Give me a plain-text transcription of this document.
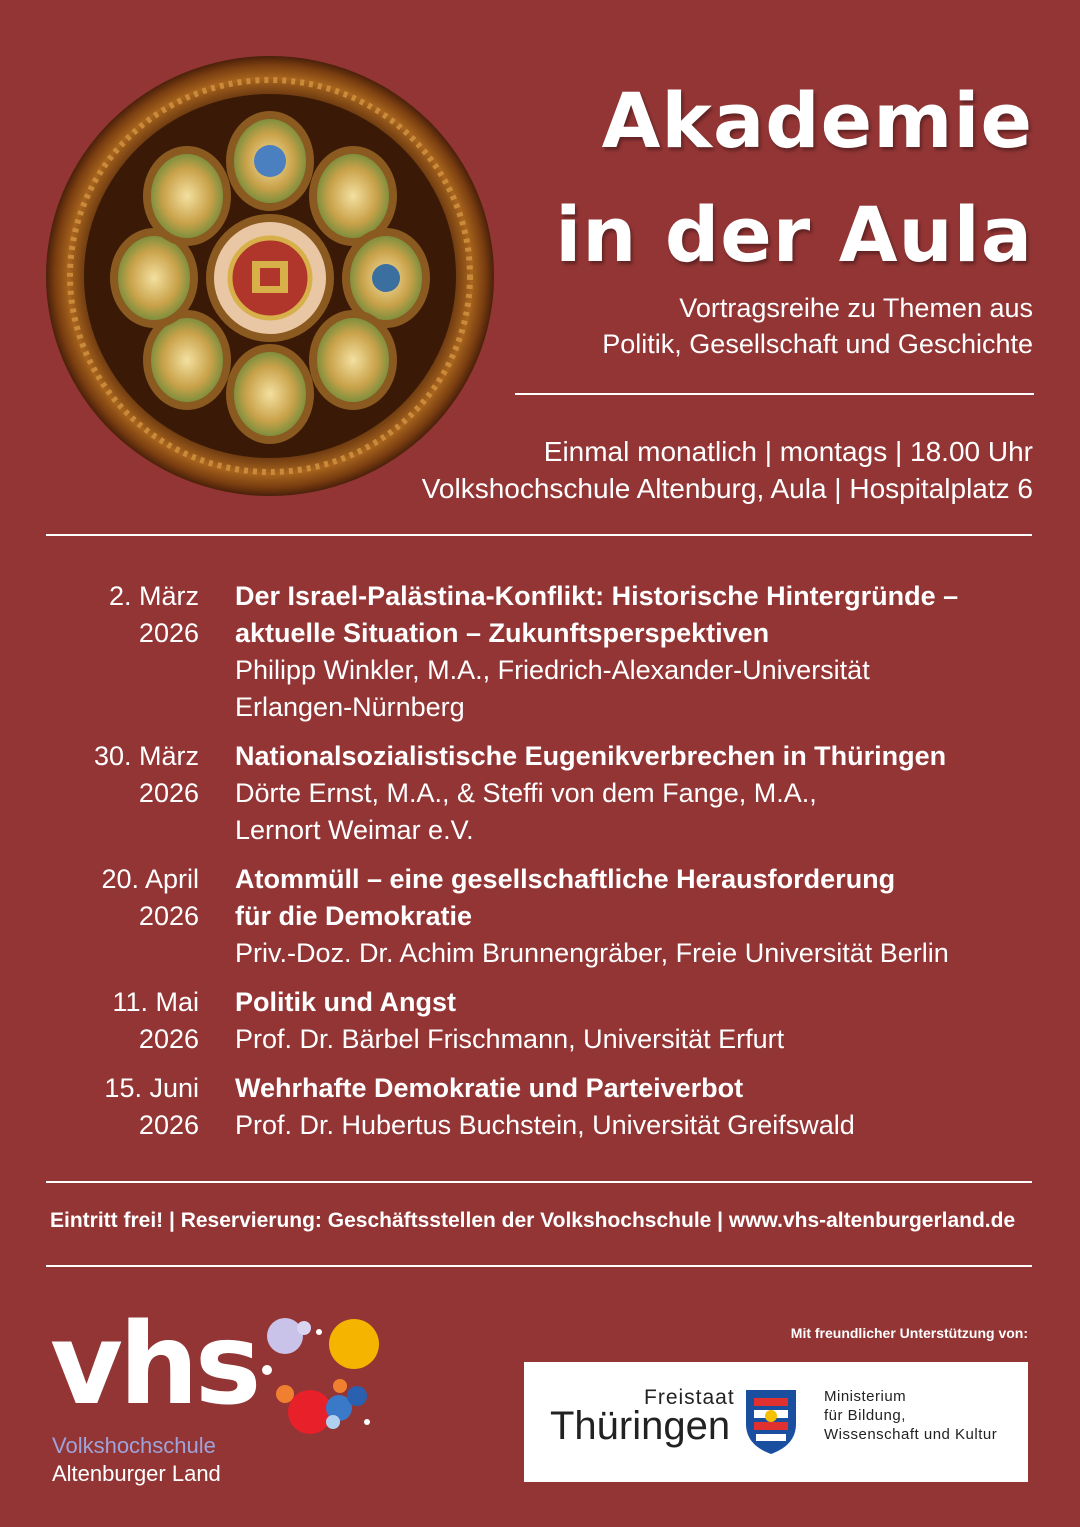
Akademie
in der Aula
Vortragsreihe zu Themen aus
Politik, Gesellschaft und Geschichte
Einmal monatlich | montags | 18.00 Uhr
Volkshochschule Altenburg, Aula | Hospitalplatz 6
2. März
2026
Der Israel-Palästina-Konflikt: Historische Hintergründe –
aktuelle Situation – Zukunftsperspektiven
Philipp Winkler, M.A., Friedrich-Alexander-Universität
Erlangen-Nürnberg
30. März
2026
Nationalsozialistische Eugenikverbrechen in Thüringen
Dörte Ernst, M.A., & Steffi von dem Fange, M.A.,
Lernort Weimar e.V.
20. April
2026
Atommüll – eine gesellschaftliche Herausforderung
für die Demokratie
Priv.-Doz. Dr. Achim Brunnengräber, Freie Universität Berlin
11. Mai
2026
Politik und Angst
Prof. Dr. Bärbel Frischmann, Universität Erfurt
15. Juni
2026
Wehrhafte Demokratie und Parteiverbot
Prof. Dr. Hubertus Buchstein, Universität Greifswald
Eintritt frei! | Reservierung: Geschäftsstellen der Volkshochschule | www.vhs-altenburgerland.de
vhs
Volkshochschule
Altenburger Land
Mit freundlicher Unterstützung von:
Freistaat
Thüringen
Ministerium
für Bildung,
Wissenschaft und Kultur
